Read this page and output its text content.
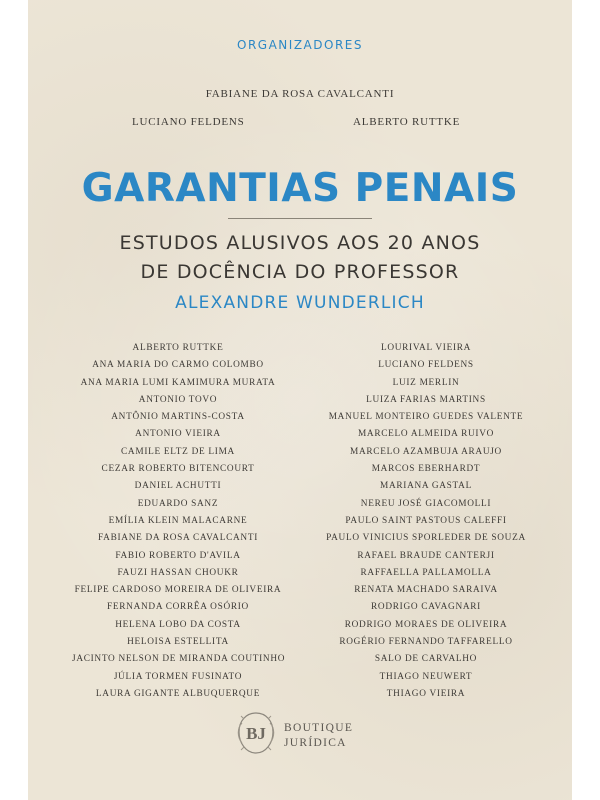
ORGANIZADORES
FABIANE DA ROSA CAVALCANTI
LUCIANO FELDENS	ALBERTO RUTTKE
GARANTIAS PENAIS
ESTUDOS ALUSIVOS AOS 20 ANOS
DE DOCÊNCIA DO PROFESSOR
ALEXANDRE WUNDERLICH
ALBERTO RUTTKE
ANA MARIA DO CARMO COLOMBO
ANA MARIA LUMI KAMIMURA MURATA
ANTONIO TOVO
ANTÔNIO MARTINS-COSTA
ANTONIO VIEIRA
CAMILE ELTZ DE LIMA
CEZAR ROBERTO BITENCOURT
DANIEL ACHUTTI
EDUARDO SANZ
EMÍLIA KLEIN MALACARNE
FABIANE DA ROSA CAVALCANTI
FABIO ROBERTO D'AVILA
FAUZI HASSAN CHOUKR
FELIPE CARDOSO MOREIRA DE OLIVEIRA
FERNANDA CORRÊA OSÓRIO
HELENA LOBO DA COSTA
HELOISA ESTELLITA
JACINTO NELSON DE MIRANDA COUTINHO
JÚLIA TORMEN FUSINATO
LAURA GIGANTE ALBUQUERQUE
LOURIVAL VIEIRA
LUCIANO FELDENS
LUIZ MERLIN
LUIZA FARIAS MARTINS
MANUEL MONTEIRO GUEDES VALENTE
MARCELO ALMEIDA RUIVO
MARCELO AZAMBUJA ARAUJO
MARCOS EBERHARDT
MARIANA GASTAL
NEREU JOSÉ GIACOMOLLI
PAULO SAINT PASTOUS CALEFFI
PAULO VINICIUS SPORLEDER DE SOUZA
RAFAEL BRAUDE CANTERJI
RAFFAELLA PALLAMOLLA
RENATA MACHADO SARAIVA
RODRIGO CAVAGNARI
RODRIGO MORAES DE OLIVEIRA
ROGÉRIO FERNANDO TAFFARELLO
SALO DE CARVALHO
THIAGO NEUWERT
THIAGO VIEIRA
BJ BOUTIQUE
JURÍDICA
